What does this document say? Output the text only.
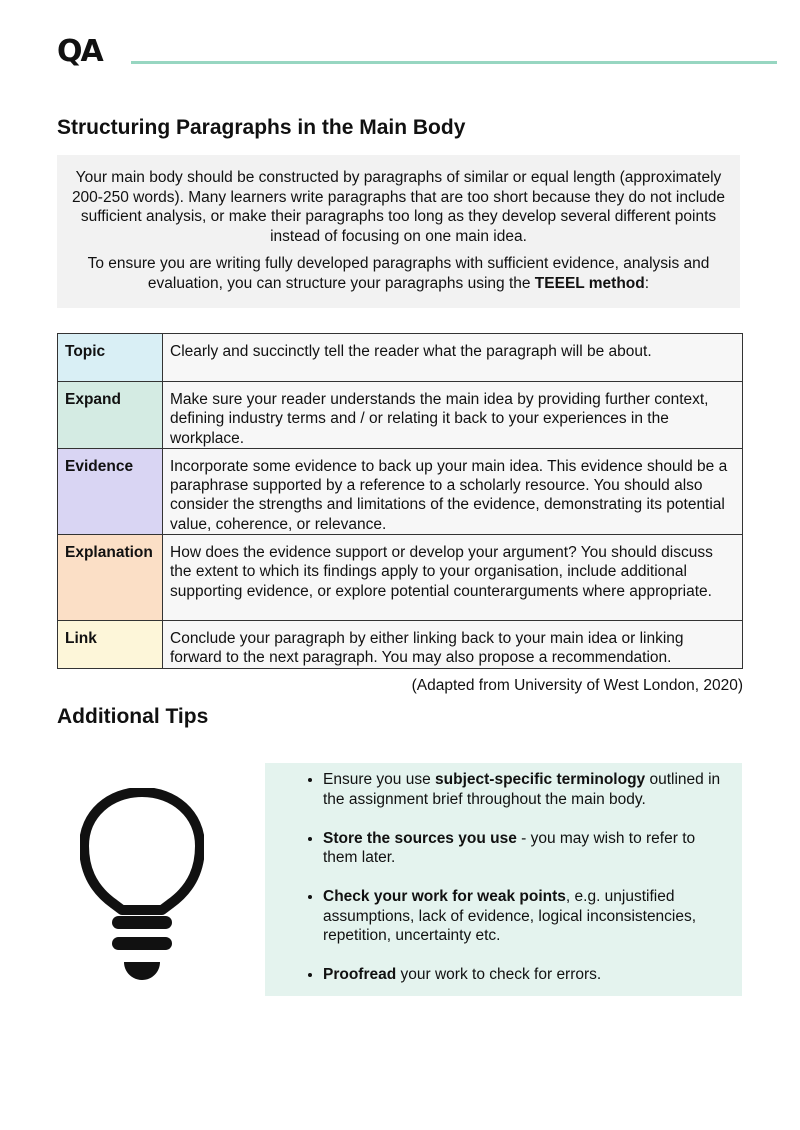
QA
Structuring Paragraphs in the Main Body

Your main body should be constructed by paragraphs of similar or equal length (approximately 200-250 words). Many learners write paragraphs that are too short because they do not include sufficient analysis, or make their paragraphs too long as they develop several different points instead of focusing on one main idea.

To ensure you are writing fully developed paragraphs with sufficient evidence, analysis and evaluation, you can structure your paragraphs using the TEEEL method:

Topic	Clearly and succinctly tell the reader what the paragraph will be about.
Expand	Make sure your reader understands the main idea by providing further context, defining industry terms and / or relating it back to your experiences in the workplace.
Evidence	Incorporate some evidence to back up your main idea. This evidence should be a paraphrase supported by a reference to a scholarly resource. You should also consider the strengths and limitations of the evidence, demonstrating its potential value, coherence, or relevance.
Explanation	How does the evidence support or develop your argument? You should discuss the extent to which its findings apply to your organisation, include additional supporting evidence, or explore potential counterarguments where appropriate.
Link	Conclude your paragraph by either linking back to your main idea or linking forward to the next paragraph. You may also propose a recommendation.
(Adapted from University of West London, 2020)
Additional Tips
• Ensure you use subject-specific terminology outlined in the assignment brief throughout the main body.
• Store the sources you use - you may wish to refer to them later.
• Check your work for weak points, e.g. unjustified assumptions, lack of evidence, logical inconsistencies, repetition, uncertainty etc.
• Proofread your work to check for errors.
